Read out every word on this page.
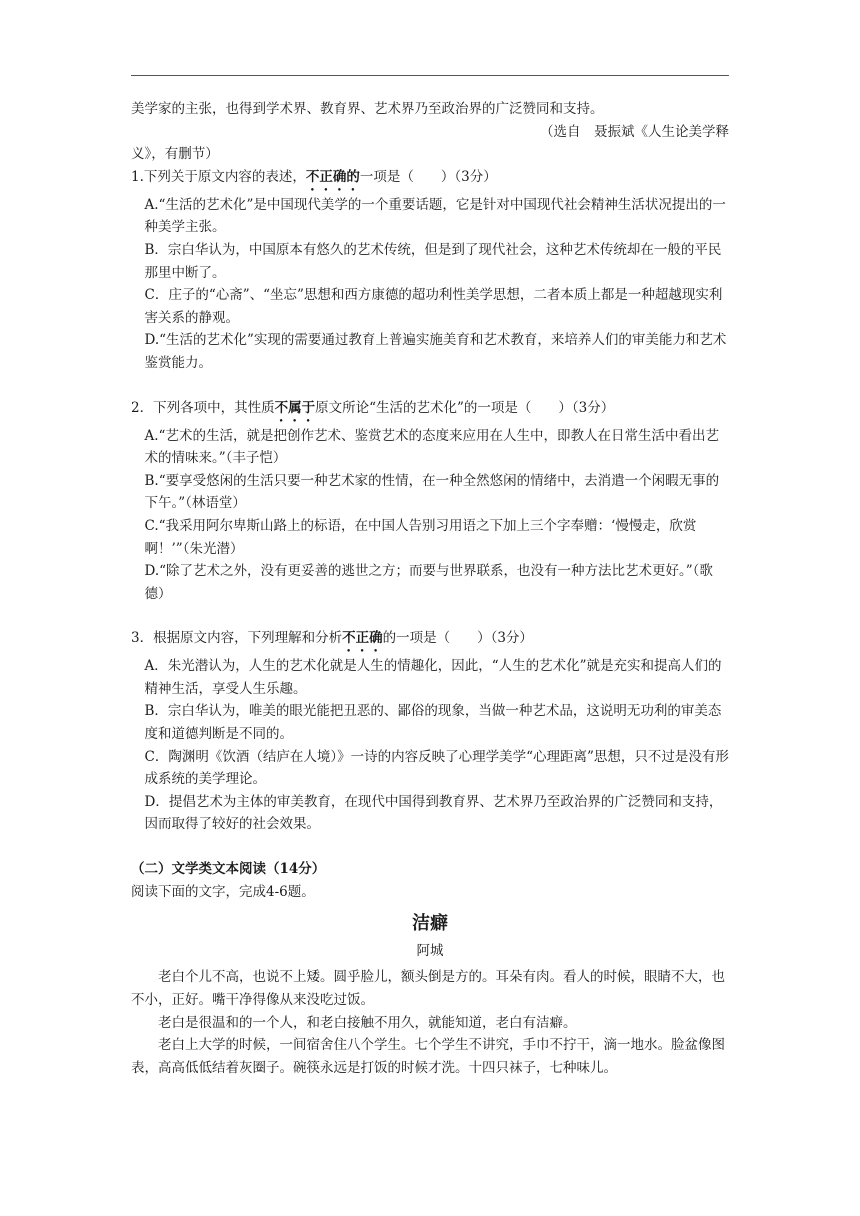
美学家的主张，也得到学术界、教育界、艺术界乃至政治界的广泛赞同和支持。

（选自　聂振斌《人生论美学释

义》，有删节）

1.下列关于原文内容的表述，不正确的一项是（　　）（3分）

A.“生活的艺术化”是中国现代美学的一个重要话题，它是针对中国现代社会精神生活状况提出的一种美学主张。

B．宗白华认为，中国原本有悠久的艺术传统，但是到了现代社会，这种艺术传统却在一般的平民那里中断了。

C．庄子的“心斋”、“坐忘”思想和西方康德的超功利性美学思想，二者本质上都是一种超越现实利害关系的静观。

D.“生活的艺术化”实现的需要通过教育上普遍实施美育和艺术教育，来培养人们的审美能力和艺术鉴赏能力。

2．下列各项中，其性质不属于原文所论“生活的艺术化”的一项是（　　）（3分）

A.“艺术的生活，就是把创作艺术、鉴赏艺术的态度来应用在人生中，即教人在日常生活中看出艺术的情味来。”（丰子恺）

B.“要享受悠闲的生活只要一种艺术家的性情，在一种全然悠闲的情绪中，去消遣一个闲暇无事的下午。”（林语堂）

C.“我采用阿尔卑斯山路上的标语，在中国人告别习用语之下加上三个字奉赠：‘慢慢走，欣赏啊！’”（朱光潜）

D.“除了艺术之外，没有更妥善的逃世之方；而要与世界联系，也没有一种方法比艺术更好。”（歌德）

3．根据原文内容，下列理解和分析不正确的一项是（　　）（3分）

A．朱光潜认为，人生的艺术化就是人生的情趣化，因此，“人生的艺术化”就是充实和提高人们的精神生活，享受人生乐趣。

B．宗白华认为，唯美的眼光能把丑恶的、鄙俗的现象，当做一种艺术品，这说明无功利的审美态度和道德判断是不同的。

C．陶渊明《饮酒（结庐在人境）》一诗的内容反映了心理学美学“心理距离”思想，只不过是没有形成系统的美学理论。

D．提倡艺术为主体的审美教育，在现代中国得到教育界、艺术界乃至政治界的广泛赞同和支持，因而取得了较好的社会效果。

（二）文学类文本阅读（14分）

阅读下面的文字，完成4-6题。

洁癖

阿城

老白个儿不高，也说不上矮。圆乎脸儿，额头倒是方的。耳朵有肉。看人的时候，眼睛不大，也不小，正好。嘴干净得像从来没吃过饭。

老白是很温和的一个人，和老白接触不用久，就能知道，老白有洁癖。

老白上大学的时候，一间宿舍住八个学生。七个学生不讲究，手巾不拧干，滴一地水。脸盆像图表，高高低低结着灰圈子。碗筷永远是打饭的时候才洗。十四只袜子，七种味儿。
